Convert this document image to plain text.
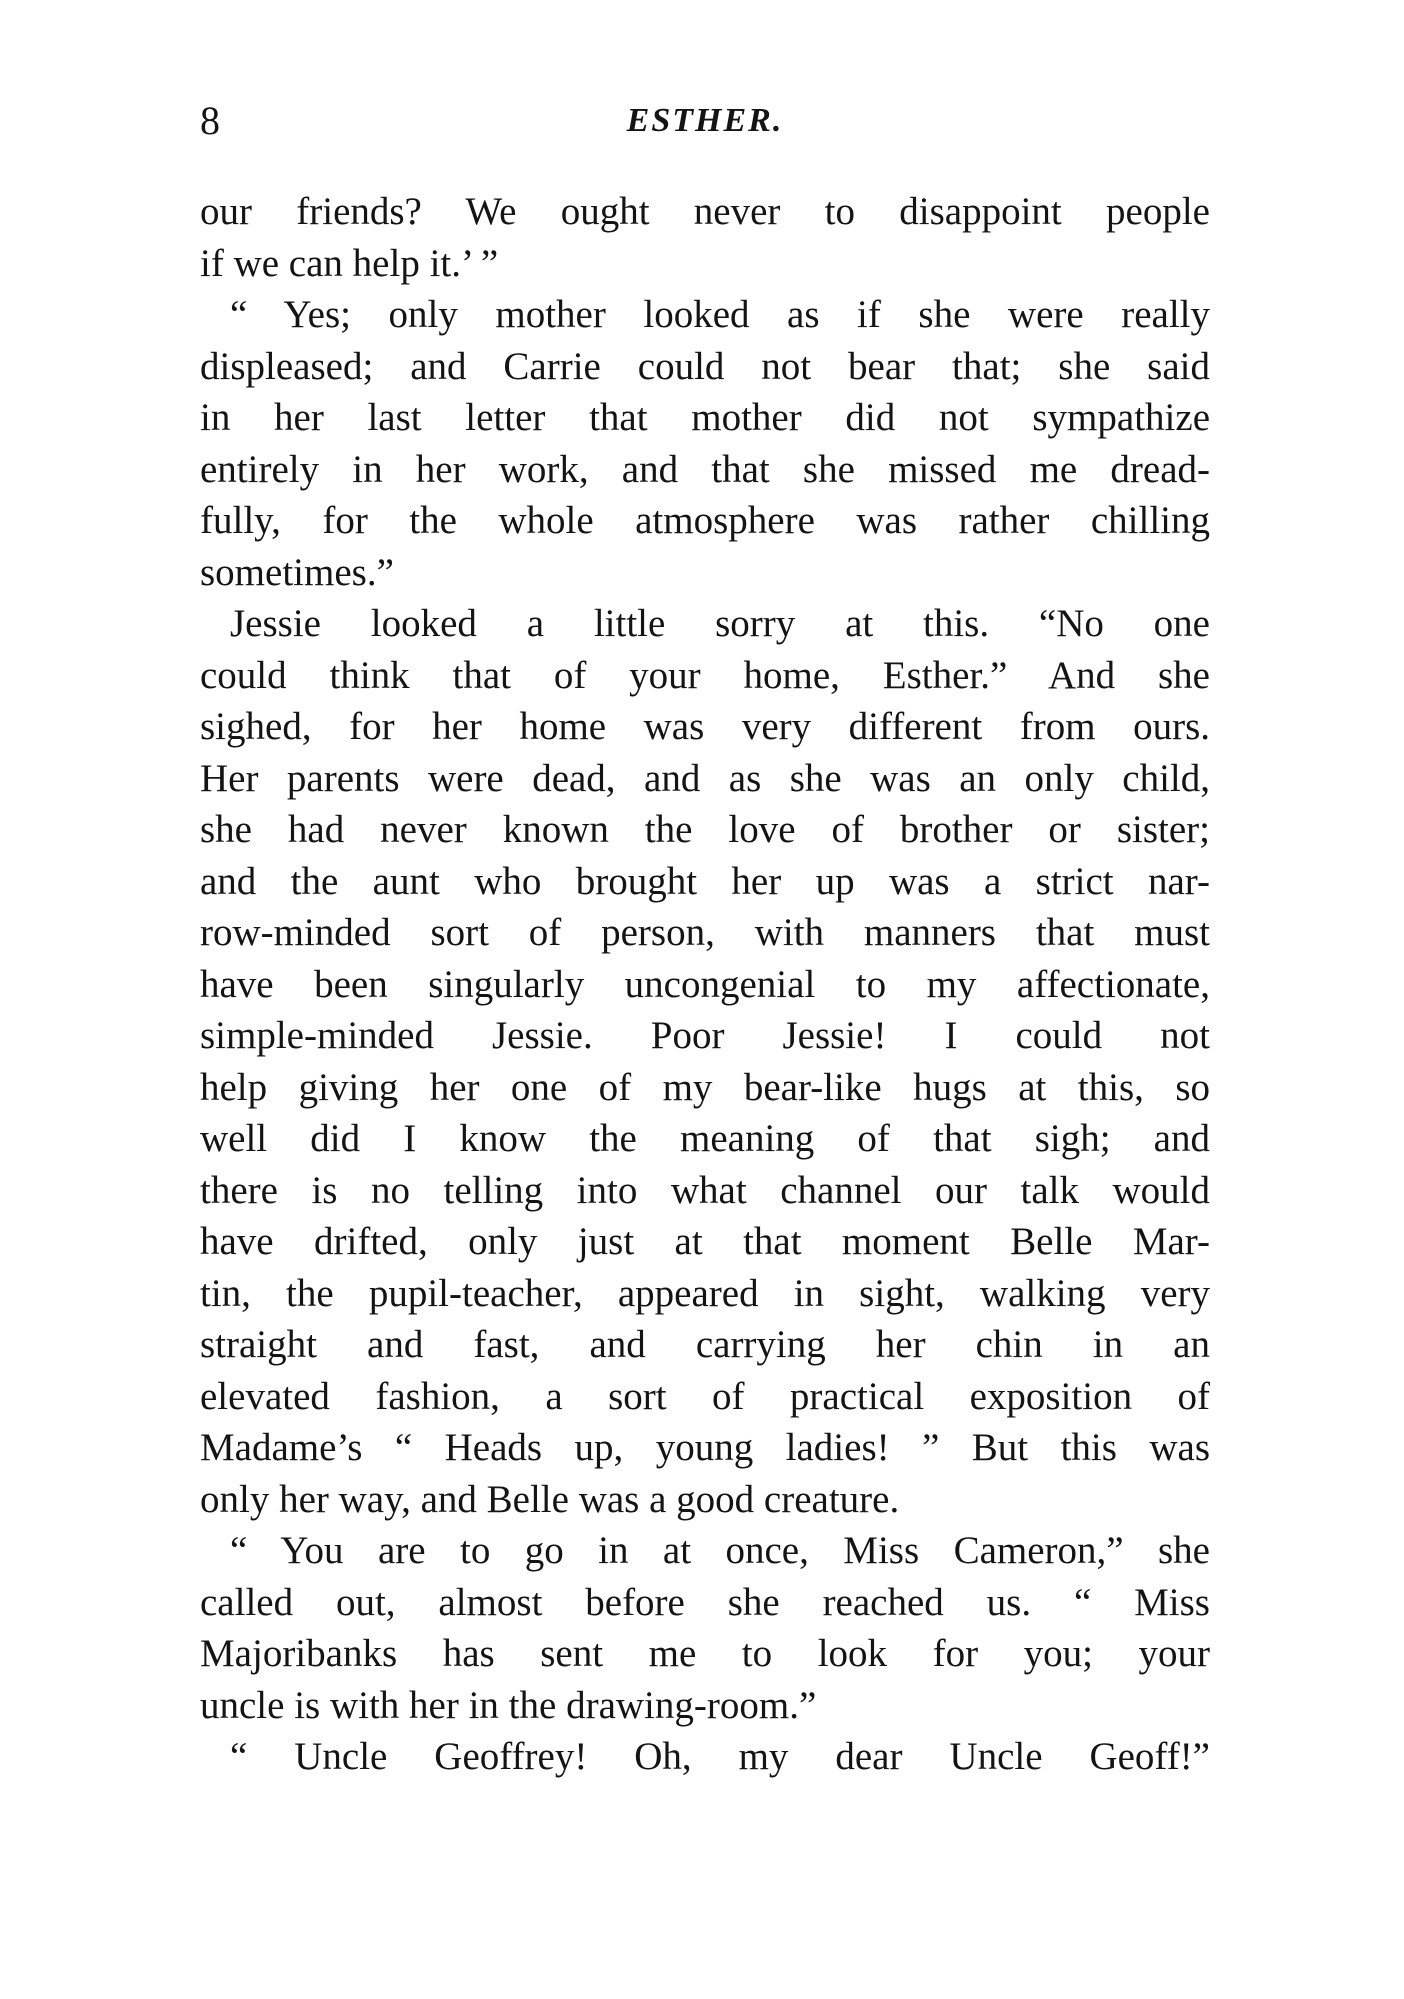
8	ESTHER.
our friends? We ought never to disappoint people
if we can help it.’ ”
“ Yes; only mother looked as if she were really
displeased; and Carrie could not bear that; she said
in her last letter that mother did not sympathize
entirely in her work, and that she missed me dread-
fully, for the whole atmosphere was rather chilling
sometimes.”
Jessie looked a little sorry at this. “No one
could think that of your home, Esther.” And she
sighed, for her home was very different from ours.
Her parents were dead, and as she was an only child,
she had never known the love of brother or sister;
and the aunt who brought her up was a strict nar-
row-minded sort of person, with manners that must
have been singularly uncongenial to my affectionate,
simple-minded Jessie. Poor Jessie! I could not
help giving her one of my bear-like hugs at this, so
well did I know the meaning of that sigh; and
there is no telling into what channel our talk would
have drifted, only just at that moment Belle Mar-
tin, the pupil-teacher, appeared in sight, walking very
straight and fast, and carrying her chin in an
elevated fashion, a sort of practical exposition of
Madame’s “ Heads up, young ladies! ” But this was
only her way, and Belle was a good creature.
“ You are to go in at once, Miss Cameron,” she
called out, almost before she reached us. “ Miss
Majoribanks has sent me to look for you; your
uncle is with her in the drawing-room.”
“ Uncle Geoffrey! Oh, my dear Uncle Geoff!”
